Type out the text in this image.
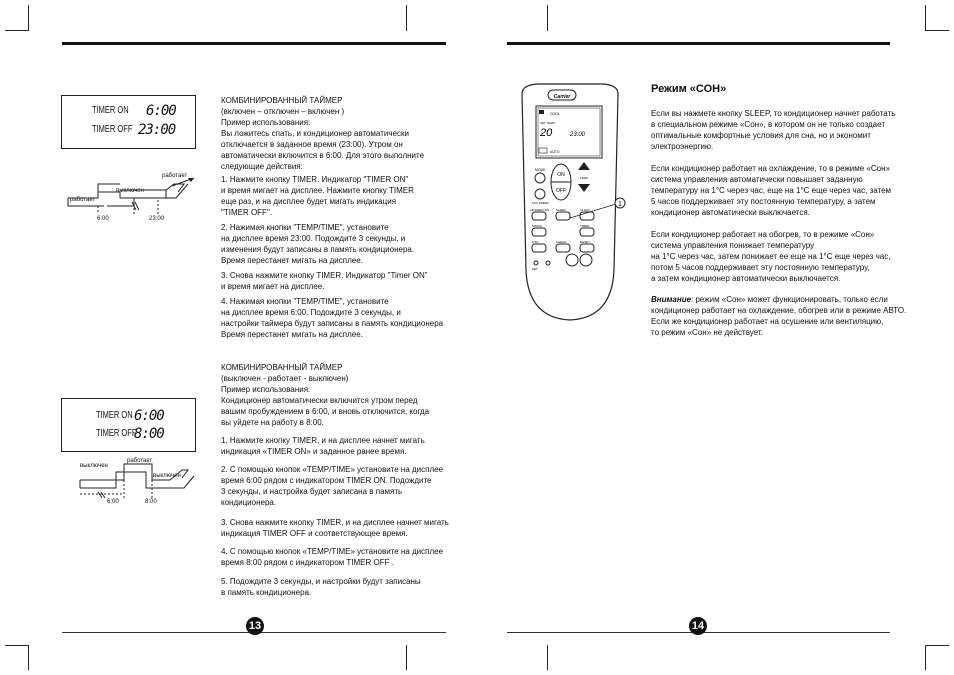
TIMER ON 6:00
TIMER OFF 23:00
работает
выключен
работает
6:00	23:00
КОМБИНИРОВАННЫЙ ТАЙМЕР
(включен – отключен – включен )
Пример использования:
Вы ложитесь спать, и кондиционер автоматически
отключается в заданное время (23:00). Утром он
автоматически включится в 6:00. Для этого выполните
следующие действия:
1. Нажмите кнопку TIMER. Индикатор "TIMER ON"
и время мигает на дисплее. Нажмите кнопку TIMER
еще раз, и на дисплее будет мигать индикация
"TIMER OFF".
2. Нажимая кнопки "TEMP/TIME", установите
на дисплее время 23:00. Подождите 3 секунды, и
изменения будут записаны в память кондиционера.
Время перестанет мигать на дисплее.
3. Снова нажмите кнопку TIMER. Индикатор "Timer ON"
и время мигает на дисплее.
4. Нажимая кнопки "TEMP/TIME", установите
на дисплее время 6:00. Подождите 3 секунды, и
настройки таймера будут записаны в память кондиционера
Время перестанет мигать на дисплее.
TIMER ON 6:00
TIMER OFF
8:00
работает
выключен
выключен
6:00	8:00
КОМБИНИРОВАННЫЙ ТАЙМЕР
(выключен - работает - выключен)
Пример использования:
Кондиционер автоматически включится утром перед
вашим пробуждением в 6:00, и вновь отключится, когда
вы уйдете на работу в 8:00.
1. Нажмите кнопку TIMER, и на дисплее начнет мигать
индикация «TIMER ON» и заданное ранее время.
2. С помощью кнопок «TEMP/TIME» установите на дисплее
время 6:00 рядом с индикатором TIMER ON. Подождите
3 секунды, и настройка будет записана в память
кондиционера.
3. Снова нажмите кнопку TIMER, и на дисплее начнет мигать
индикация TIMER OFF и соответствующее время.
4. С помощью кнопок «TEMP/TIME» установите на дисплее
время 8:00 рядом с индикатором TIMER OFF .
5. Подождите 3 секунды, и настройки будут записаны
в память кондиционера.
13
Carrier
COOL
SET TEMP
20	23:00
AUTO
MODE
ON
OFF
TEMP
FAN SPEED
AIR DIRECTION SLEEP
SWING	TIMER
CLOCK
OSC	CHECK	RESET
SET
1
Режим «СОН»
Если вы нажмете кнопку SLEEP, то кондиционер начнет работать
в специальном режиме «Сон», в котором он не только создает
оптимальные комфортные условия для сна, но и экономит
электроэнергию.
Если кондиционер работает на охлаждение, то в режиме «Сон»
система управления автоматически повышает заданную
температуру на 1°С через час, еще на 1°С еще через час, затем
5 часов поддерживает эту постоянную температуру, а затем
кондиционер автоматически выключается.
Если кондиционер работает на обогрев, то в режиме «Сон»
система управления понижает температуру
на 1°С через час, затем понижает ее еще на 1°С еще через час,
потом 5 часов поддерживает эту постоянную температуру,
а затем кондиционер автоматически выключается.
Внимание: режим «Сон» может функционировать, только если
кондиционер работает на охлаждение, обогрев или в режиме АВТО.
Если же кондиционер работает на осушение или вентиляцию,
то режим «Сон» не действует.
14
